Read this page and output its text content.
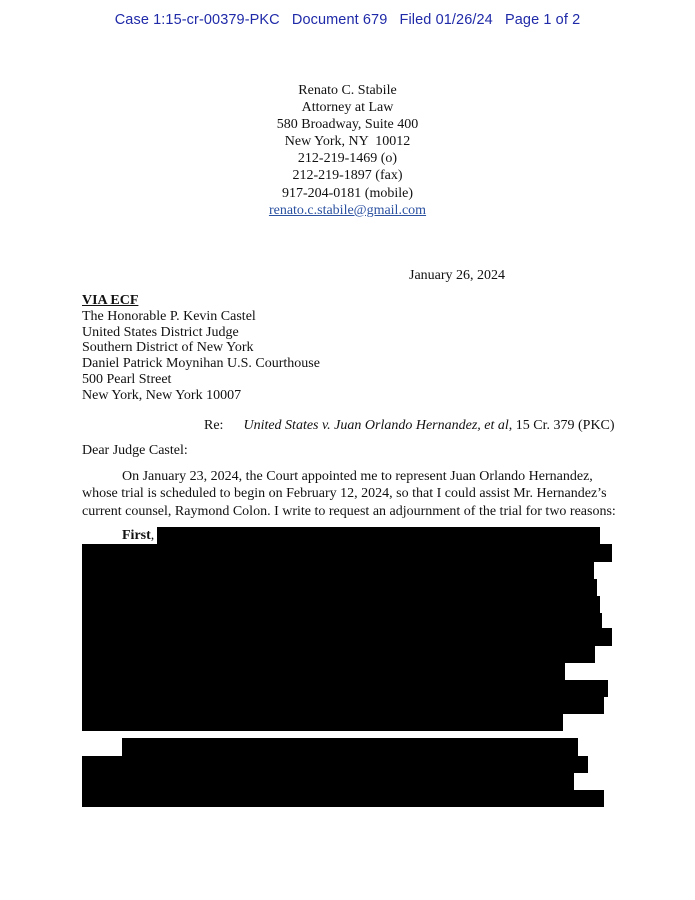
Case 1:15-cr-00379-PKC Document 679 Filed 01/26/24 Page 1 of 2
Renato C. Stabile
Attorney at Law
580 Broadway, Suite 400
New York, NY  10012
212-219-1469 (o)
212-219-1897 (fax)
917-204-0181 (mobile)
renato.c.stabile@gmail.com
January 26, 2024
VIA ECF
The Honorable P. Kevin Castel
United States District Judge
Southern District of New York
Daniel Patrick Moynihan U.S. Courthouse
500 Pearl Street
New York, New York 10007
Re: United States v. Juan Orlando Hernandez, et al, 15 Cr. 379 (PKC)
Dear Judge Castel:
On January 23, 2024, the Court appointed me to represent Juan Orlando Hernandez,
whose trial is scheduled to begin on February 12, 2024, so that I could assist Mr. Hernandez’s
current counsel, Raymond Colon. I write to request an adjournment of the trial for two reasons:
First,
